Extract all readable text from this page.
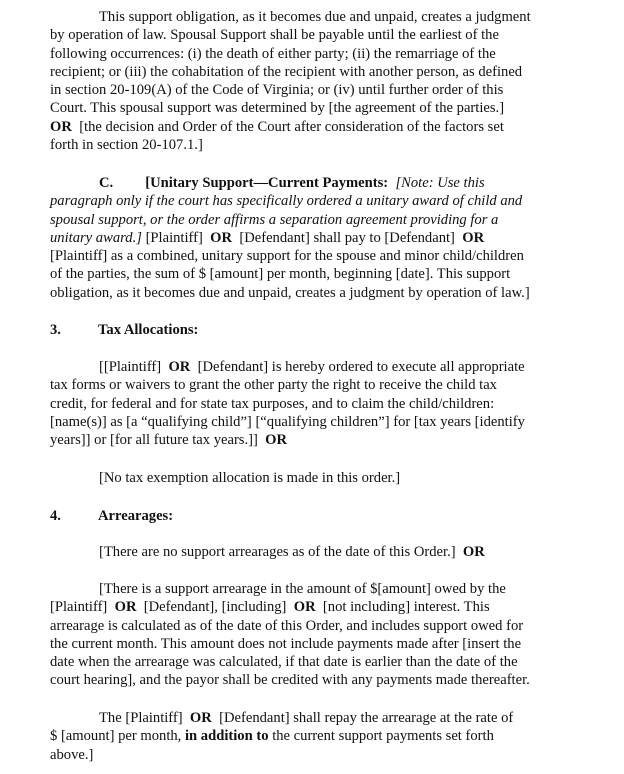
This support obligation, as it becomes due and unpaid, creates a judgment
by operation of law. Spousal Support shall be payable until the earliest of the
following occurrences: (i) the death of either party; (ii) the remarriage of the
recipient; or (iii) the cohabitation of the recipient with another person, as defined
in section 20-109(A) of the Code of Virginia; or (iv) until further order of this
Court. This spousal support was determined by [the agreement of the parties.]
OR [the decision and Order of the Court after consideration of the factors set
forth in section 20-107.1.]
C. [Unitary Support—Current Payments: [Note: Use this
paragraph only if the court has specifically ordered a unitary award of child and
spousal support, or the order affirms a separation agreement providing for a
unitary award.] [Plaintiff] OR [Defendant] shall pay to [Defendant] OR
[Plaintiff] as a combined, unitary support for the spouse and minor child/children
of the parties, the sum of $ [amount] per month, beginning [date]. This support
obligation, as it becomes due and unpaid, creates a judgment by operation of law.]
3.	Tax Allocations:
[[Plaintiff] OR [Defendant] is hereby ordered to execute all appropriate
tax forms or waivers to grant the other party the right to receive the child tax
credit, for federal and for state tax purposes, and to claim the child/children:
[name(s)] as [a “qualifying child”] [“qualifying children”] for [tax years [identify
years]] or [for all future tax years.]] OR
[No tax exemption allocation is made in this order.]
4.	Arrearages:
[There are no support arrearages as of the date of this Order.] OR
[There is a support arrearage in the amount of $[amount] owed by the
[Plaintiff] OR [Defendant], [including] OR [not including] interest. This
arrearage is calculated as of the date of this Order, and includes support owed for
the current month. This amount does not include payments made after [insert the
date when the arrearage was calculated, if that date is earlier than the date of the
court hearing], and the payor shall be credited with any payments made thereafter.
The [Plaintiff] OR [Defendant] shall repay the arrearage at the rate of
$ [amount] per month, in addition to the current support payments set forth
above.]
